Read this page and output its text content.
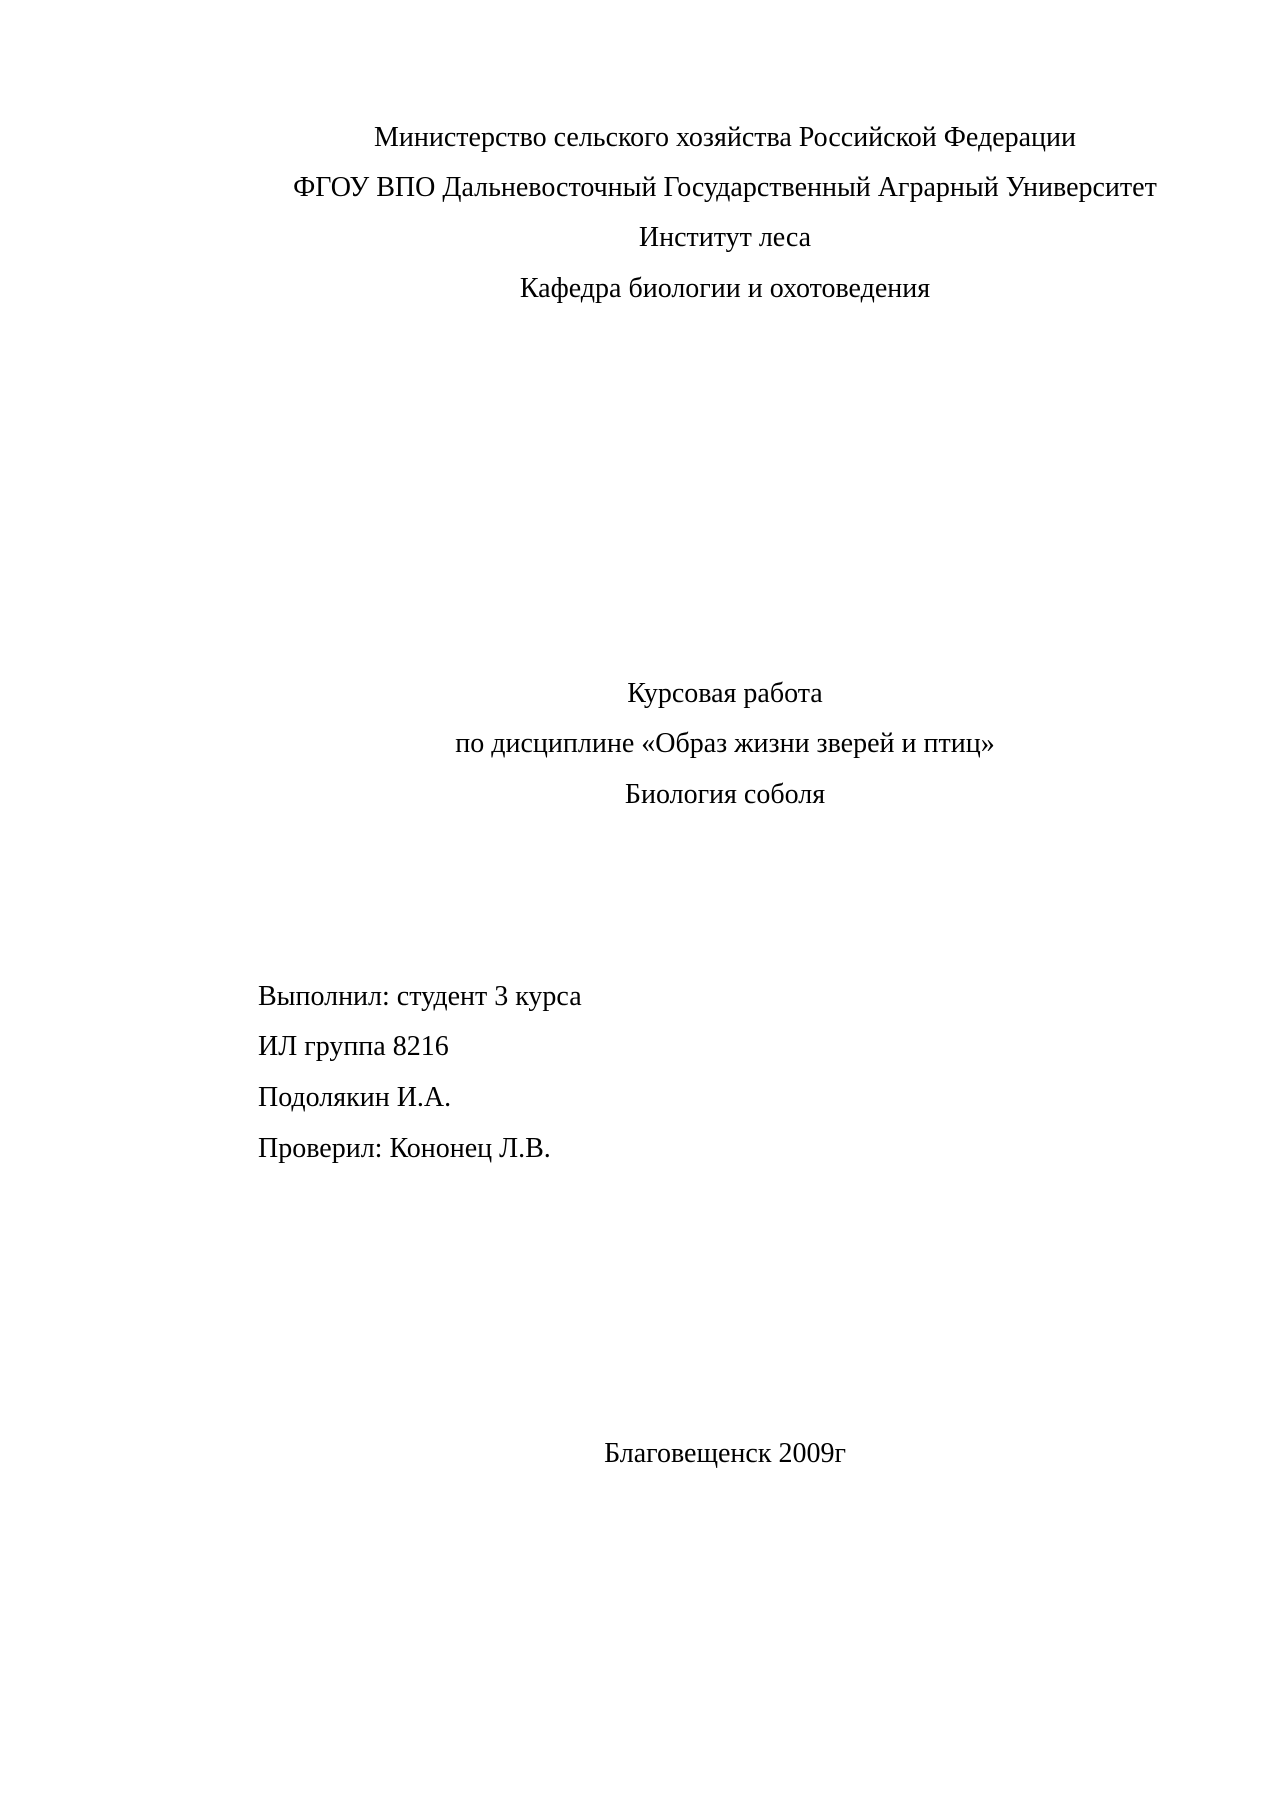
Министерство сельского хозяйства Российской Федерации
ФГОУ ВПО Дальневосточный Государственный Аграрный Университет
Институт леса
Кафедра биологии и охотоведения
Курсовая работа
по дисциплине «Образ жизни зверей и птиц»
Биология соболя
Выполнил: студент 3 курса
ИЛ группа 8216
Подолякин И.А.
Проверил: Кононец Л.В.
Благовещенск 2009г
